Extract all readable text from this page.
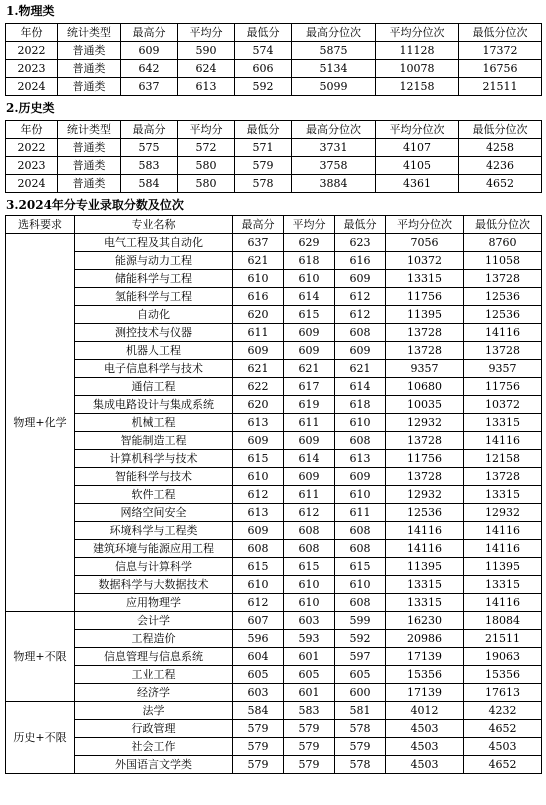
1.物理类
年份	统计类型	最高分	平均分	最低分	最高分位次	平均分位次	最低分位次
2022	普通类	609	590	574	5875	11128	17372
2023	普通类	642	624	606	5134	10078	16756
2024	普通类	637	613	592	5099	12158	21511
2.历史类
年份	统计类型	最高分	平均分	最低分	最高分位次	平均分位次	最低分位次
2022	普通类	575	572	571	3731	4107	4258
2023	普通类	583	580	579	3758	4105	4236
2024	普通类	584	580	578	3884	4361	4652
3.2024年分专业录取分数及位次
选科要求	专业名称	最高分	平均分	最低分	平均分位次	最低分位次
物理+化学	电气工程及其自动化	637	629	623	7056	8760
	能源与动力工程	621	618	616	10372	11058
	储能科学与工程	610	610	609	13315	13728
	氢能科学与工程	616	614	612	11756	12536
	自动化	620	615	612	11395	12536
	测控技术与仪器	611	609	608	13728	14116
	机器人工程	609	609	609	13728	13728
	电子信息科学与技术	621	621	621	9357	9357
	通信工程	622	617	614	10680	11756
	集成电路设计与集成系统	620	619	618	10035	10372
	机械工程	613	611	610	12932	13315
	智能制造工程	609	609	608	13728	14116
	计算机科学与技术	615	614	613	11756	12158
	智能科学与技术	610	609	609	13728	13728
	软件工程	612	611	610	12932	13315
	网络空间安全	613	612	611	12536	12932
	环境科学与工程类	609	608	608	14116	14116
	建筑环境与能源应用工程	608	608	608	14116	14116
	信息与计算科学	615	615	615	11395	11395
	数据科学与大数据技术	610	610	610	13315	13315
	应用物理学	612	610	608	13315	14116
物理+不限	会计学	607	603	599	16230	18084
	工程造价	596	593	592	20986	21511
	信息管理与信息系统	604	601	597	17139	19063
	工业工程	605	605	605	15356	15356
	经济学	603	601	600	17139	17613
历史+不限	法学	584	583	581	4012	4232
	行政管理	579	579	578	4503	4652
	社会工作	579	579	579	4503	4503
	外国语言文学类	579	579	578	4503	4652
